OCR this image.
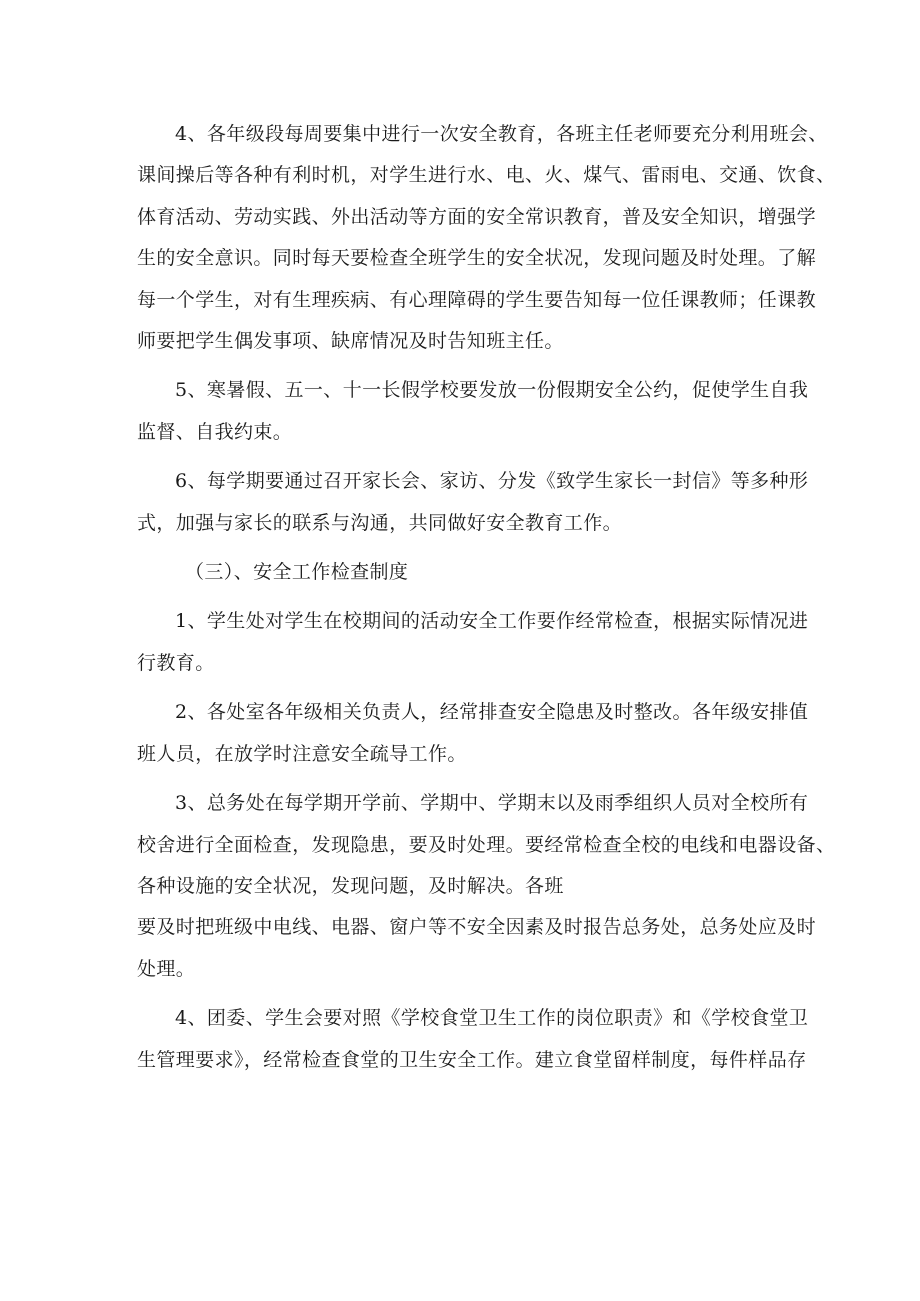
4、各年级段每周要集中进行一次安全教育，各班主任老师要充分利用班会、
课间操后等各种有利时机，对学生进行水、电、火、煤气、雷雨电、交通、饮食、
体育活动、劳动实践、外出活动等方面的安全常识教育，普及安全知识，增强学
生的安全意识。同时每天要检查全班学生的安全状况，发现问题及时处理。了解
每一个学生，对有生理疾病、有心理障碍的学生要告知每一位任课教师；任课教
师要把学生偶发事项、缺席情况及时告知班主任。
5、寒暑假、五一、十一长假学校要发放一份假期安全公约，促使学生自我
监督、自我约束。
6、每学期要通过召开家长会、家访、分发《致学生家长一封信》等多种形
式，加强与家长的联系与沟通，共同做好安全教育工作。
（三）、安全工作检查制度
1、学生处对学生在校期间的活动安全工作要作经常检查，根据实际情况进
行教育。
2、各处室各年级相关负责人，经常排查安全隐患及时整改。各年级安排值
班人员，在放学时注意安全疏导工作。
3、总务处在每学期开学前、学期中、学期末以及雨季组织人员对全校所有
校舍进行全面检查，发现隐患，要及时处理。要经常检查全校的电线和电器设备、
各种设施的安全状况，发现问题，及时解决。各班
要及时把班级中电线、电器、窗户等不安全因素及时报告总务处，总务处应及时
处理。
4、团委、学生会要对照《学校食堂卫生工作的岗位职责》和《学校食堂卫
生管理要求》，经常检查食堂的卫生安全工作。建立食堂留样制度，每件样品存
